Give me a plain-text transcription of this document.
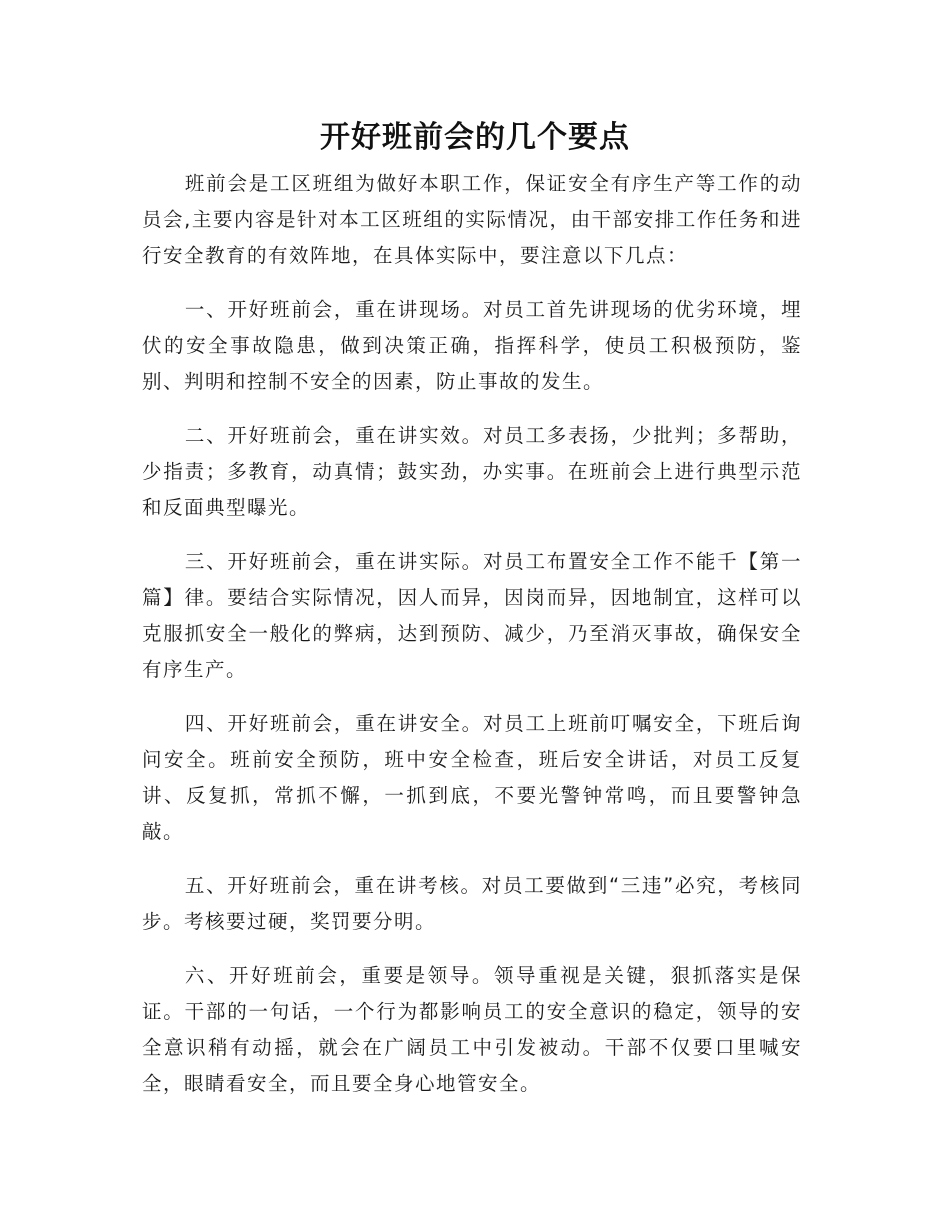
开好班前会的几个要点

班前会是工区班组为做好本职工作，保证安全有序生产等工作的动员会,主要内容是针对本工区班组的实际情况，由干部安排工作任务和进行安全教育的有效阵地，在具体实际中，要注意以下几点：

一、开好班前会，重在讲现场。对员工首先讲现场的优劣环境，埋伏的安全事故隐患，做到决策正确，指挥科学，使员工积极预防，鉴别、判明和控制不安全的因素，防止事故的发生。

二、开好班前会，重在讲实效。对员工多表扬，少批判；多帮助，少指责；多教育，动真情；鼓实劲，办实事。在班前会上进行典型示范和反面典型曝光。

三、开好班前会，重在讲实际。对员工布置安全工作不能千【第一篇】律。要结合实际情况，因人而异，因岗而异，因地制宜，这样可以克服抓安全一般化的弊病，达到预防、减少，乃至消灭事故，确保安全有序生产。

四、开好班前会，重在讲安全。对员工上班前叮嘱安全，下班后询问安全。班前安全预防，班中安全检查，班后安全讲话，对员工反复讲、反复抓，常抓不懈，一抓到底，不要光警钟常鸣，而且要警钟急敲。

五、开好班前会，重在讲考核。对员工要做到“三违”必究，考核同步。考核要过硬，奖罚要分明。

六、开好班前会，重要是领导。领导重视是关键，狠抓落实是保证。干部的一句话，一个行为都影响员工的安全意识的稳定，领导的安全意识稍有动摇，就会在广阔员工中引发被动。干部不仅要口里喊安全，眼睛看安全，而且要全身心地管安全。
